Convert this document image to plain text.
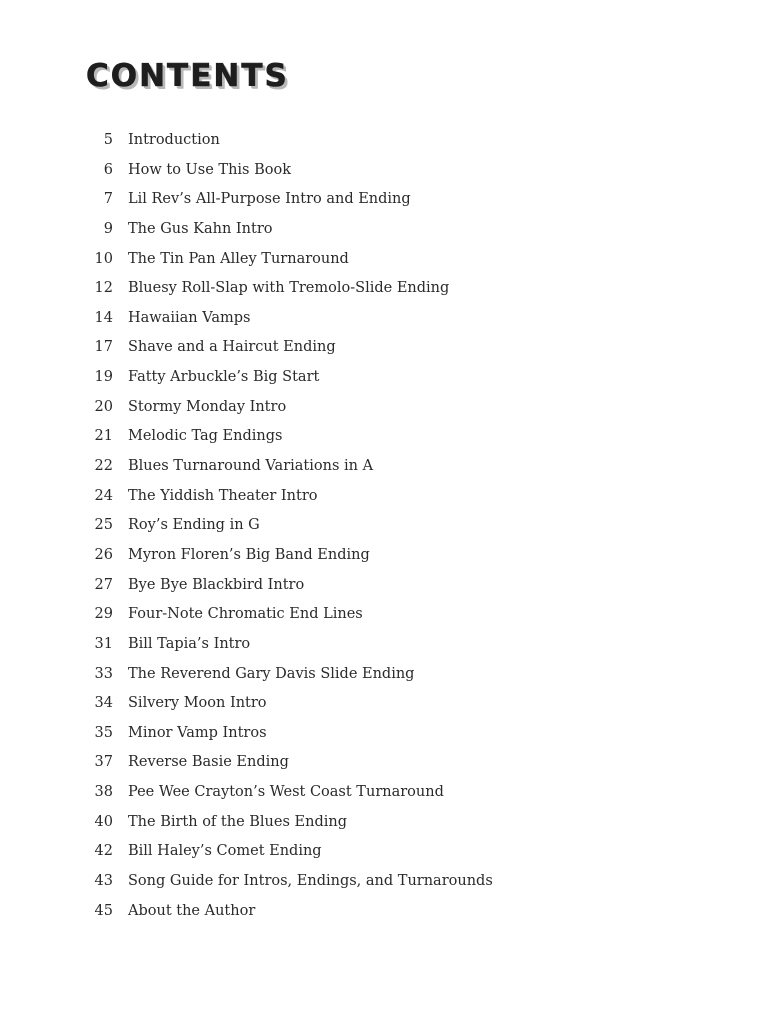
CONTENTS
5 Introduction
6 How to Use This Book
7 Lil Rev’s All-Purpose Intro and Ending
9 The Gus Kahn Intro
10 The Tin Pan Alley Turnaround
12 Bluesy Roll-Slap with Tremolo-Slide Ending
14 Hawaiian Vamps
17 Shave and a Haircut Ending
19 Fatty Arbuckle’s Big Start
20 Stormy Monday Intro
21 Melodic Tag Endings
22 Blues Turnaround Variations in A
24 The Yiddish Theater Intro
25 Roy’s Ending in G
26 Myron Floren’s Big Band Ending
27 Bye Bye Blackbird Intro
29 Four-Note Chromatic End Lines
31 Bill Tapia’s Intro
33 The Reverend Gary Davis Slide Ending
34 Silvery Moon Intro
35 Minor Vamp Intros
37 Reverse Basie Ending
38 Pee Wee Crayton’s West Coast Turnaround
40 The Birth of the Blues Ending
42 Bill Haley’s Comet Ending
43 Song Guide for Intros, Endings, and Turnarounds
45 About the Author
